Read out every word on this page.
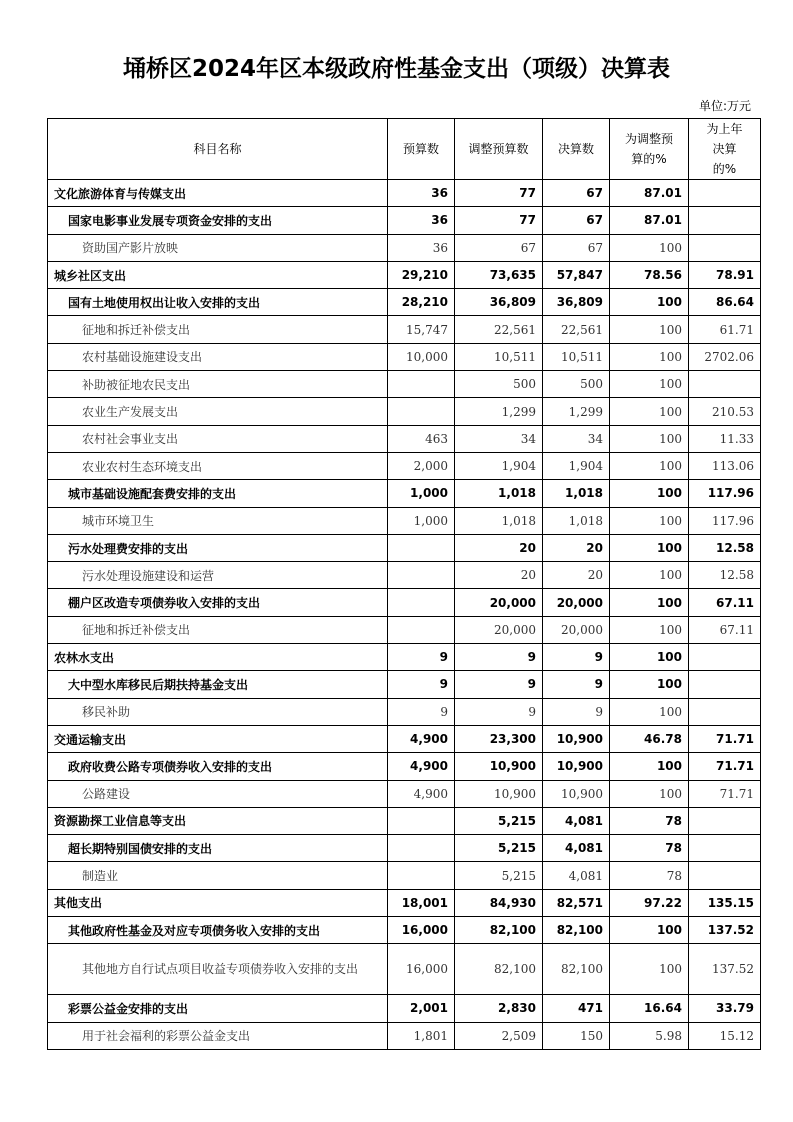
埇桥区2024年区本级政府性基金支出（项级）决算表
单位:万元
科目名称	预算数	调整预算数	决算数	为调整预算的%	为上年决算的%
文化旅游体育与传媒支出	36	77	67	87.01	
国家电影事业发展专项资金安排的支出	36	77	67	87.01	
资助国产影片放映	36	67	67	100	
城乡社区支出	29,210	73,635	57,847	78.56	78.91
国有土地使用权出让收入安排的支出	28,210	36,809	36,809	100	86.64
征地和拆迁补偿支出	15,747	22,561	22,561	100	61.71
农村基础设施建设支出	10,000	10,511	10,511	100	2702.06
补助被征地农民支出		500	500	100	
农业生产发展支出		1,299	1,299	100	210.53
农村社会事业支出	463	34	34	100	11.33
农业农村生态环境支出	2,000	1,904	1,904	100	113.06
城市基础设施配套费安排的支出	1,000	1,018	1,018	100	117.96
城市环境卫生	1,000	1,018	1,018	100	117.96
污水处理费安排的支出		20	20	100	12.58
污水处理设施建设和运营		20	20	100	12.58
棚户区改造专项债券收入安排的支出		20,000	20,000	100	67.11
征地和拆迁补偿支出		20,000	20,000	100	67.11
农林水支出	9	9	9	100	
大中型水库移民后期扶持基金支出	9	9	9	100	
移民补助	9	9	9	100	
交通运输支出	4,900	23,300	10,900	46.78	71.71
政府收费公路专项债券收入安排的支出	4,900	10,900	10,900	100	71.71
公路建设	4,900	10,900	10,900	100	71.71
资源勘探工业信息等支出		5,215	4,081	78	
超长期特别国债安排的支出		5,215	4,081	78	
制造业		5,215	4,081	78	
其他支出	18,001	84,930	82,571	97.22	135.15
其他政府性基金及对应专项债务收入安排的支出	16,000	82,100	82,100	100	137.52
其他地方自行试点项目收益专项债券收入安排的支出	16,000	82,100	82,100	100	137.52
彩票公益金安排的支出	2,001	2,830	471	16.64	33.79
用于社会福利的彩票公益金支出	1,801	2,509	150	5.98	15.12
